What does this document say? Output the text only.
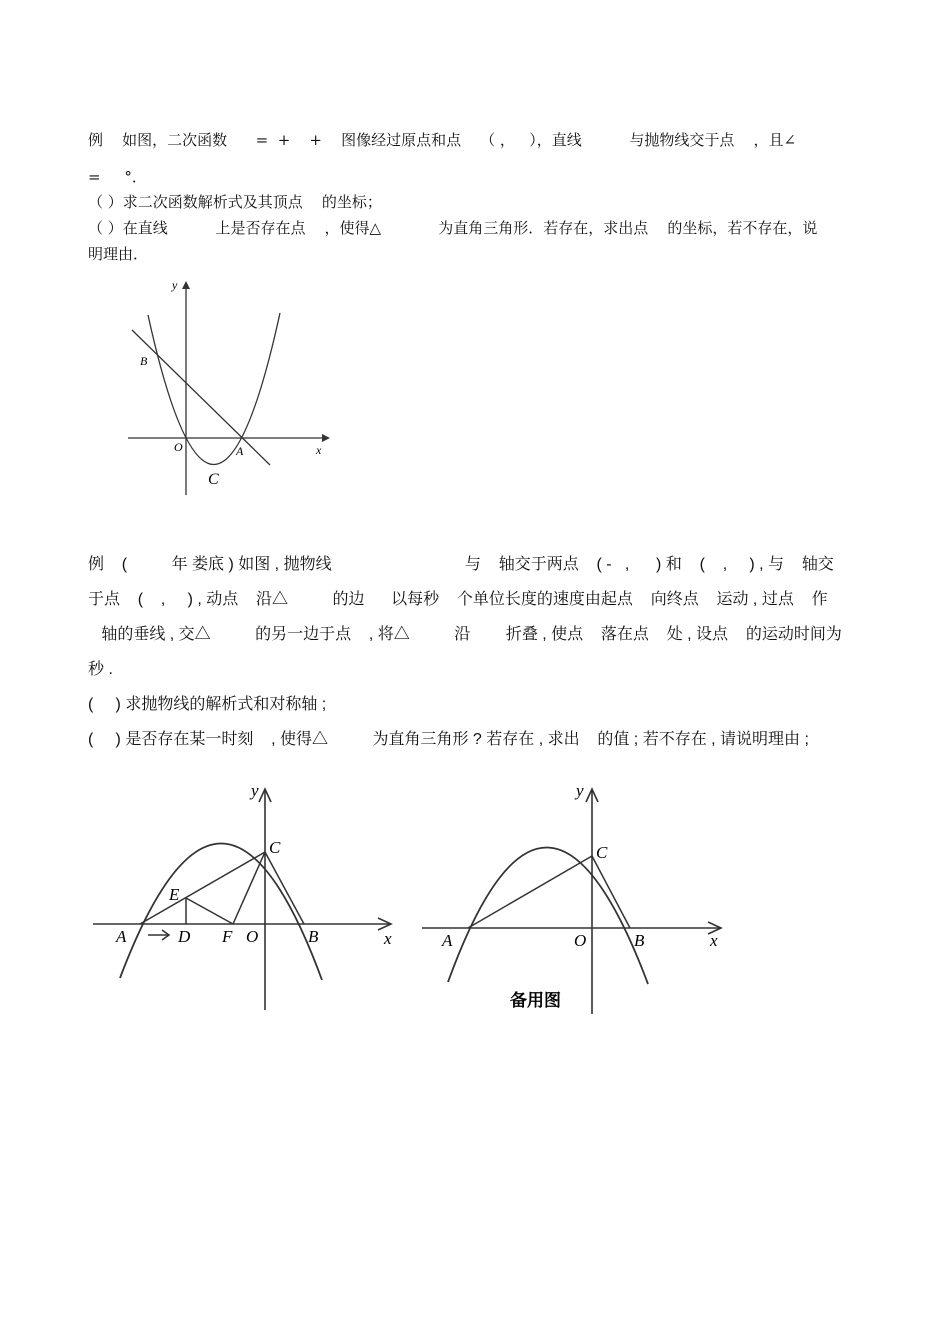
例    如图，二次函数      =  +    +    图像经过原点和点    （ ，   ），直线          与抛物线交于点    ，且∠
=     °．
（ ）求二次函数解析式及其顶点    的坐标；
（ ）在直线          上是否存在点    ，使得△            为直角三角形．若存在，求出点    的坐标，若不存在，说
明理由．
y
x
B
O	A
C
例    (          年 娄底 ) 如图 , 抛物线                              与    轴交于两点    ( -   ,      ) 和    (    ,     ) , 与    轴交
于点    (    ,     ) , 动点    沿△          的边      以每秒    个单位长度的速度由起点    向终点    运动 , 过点    作
轴的垂线 , 交△          的另一边于点    , 将△          沿        折叠 , 使点    落在点    处 , 设点    的运动时间为
秒 .
(     ) 求抛物线的解析式和对称轴 ;
(     ) 是否存在某一时刻    , 使得△          为直角三角形 ? 若存在 , 求出    的值 ; 若不存在 , 请说明理由 ;
y
x
A	D
E
F O	B
C
y
x
A	O	B
C
备用图
